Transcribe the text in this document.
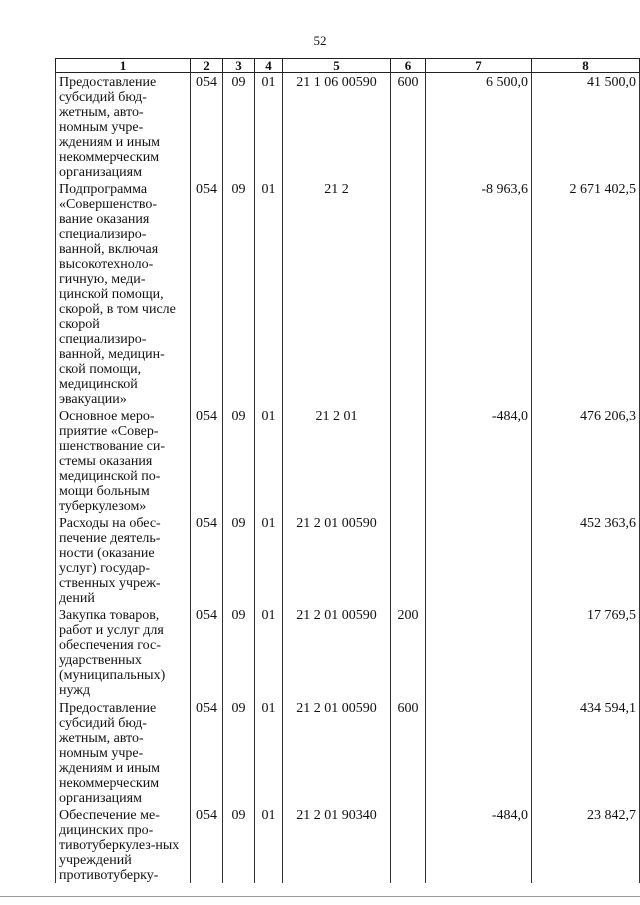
52
1	2	3	4	5	6	7	8
Предоставление субсидий бюд-жетным, авто-номным учре-ждениям и иным некоммерческим организациям	054	09	01	21 1 06 00590	600	6 500,0	41 500,0
Подпрограмма «Совершенство-вание оказания специализиро-ванной, включая высокотехноло-гичную, меди-цинской помощи, скорой, в том числе скорой специализиро-ванной, медицин-ской помощи, медицинской эвакуации»	054	09	01	21 2		-8 963,6	2 671 402,5
Основное меро-приятие «Совер-шенствование си-стемы оказания медицинской по-мощи больным туберкулезом»	054	09	01	21 2 01		-484,0	476 206,3
Расходы на обес-печение деятель-ности (оказание услуг) государ-ственных учреж-дений	054	09	01	21 2 01 00590			452 363,6
Закупка товаров, работ и услуг для обеспечения гос-ударственных (муниципальных) нужд	054	09	01	21 2 01 00590	200		17 769,5
Предоставление субсидий бюд-жетным, авто-номным учре-ждениям и иным некоммерческим организациям	054	09	01	21 2 01 00590	600		434 594,1
Обеспечение ме-дицинских про-тивотуберкулез-ных учреждений противотуберку-	054	09	01	21 2 01 90340		-484,0	23 842,7
